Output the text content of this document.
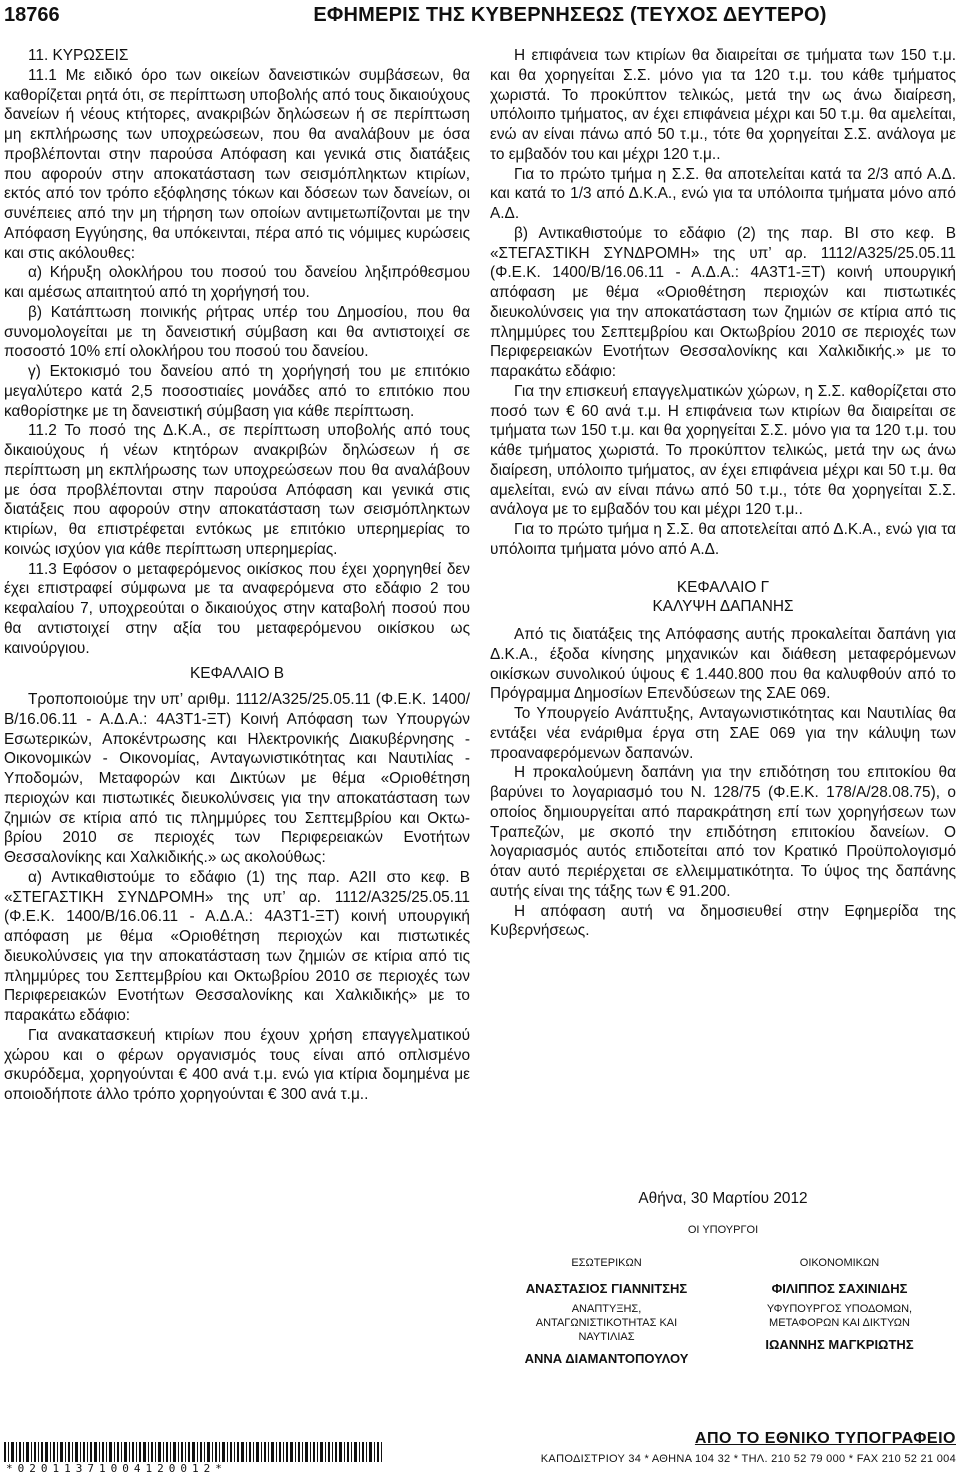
18766	ΕΦΗΜΕΡΙΣ ΤΗΣ ΚΥΒΕΡΝΗΣΕΩΣ (ΤΕΥΧΟΣ ΔΕΥΤΕΡΟ)

11. ΚΥΡΩΣΕΙΣ

11.1 Με ειδικό όρο των οικείων δανειστικών συμβάσεων, θα καθορίζεται ρητά ότι, σε περίπτωση υποβολής από τους δικαιούχους δανείων ή νέους κτήτορες, ανακριβών δηλώσεων ή σε περίπτωση μη εκπλήρωσης των υποχρεώσεων, που θα αναλάβουν με όσα προβλέπονται στην παρούσα Απόφαση και γενικά στις διατάξεις που αφορούν στην αποκατάσταση των σεισμόπληκτων κτιρίων, εκτός από τον τρόπο εξόφλησης τόκων και δόσεων των δανείων, οι συνέπειες από την μη τήρηση των οποίων αντιμετωπίζονται με την Απόφαση Εγγύησης, θα υπόκεινται, πέρα από τις νόμιμες κυρώσεις και στις ακόλουθες:

α) Κήρυξη ολοκλήρου του ποσού του δανείου ληξιπρόθεσμου και αμέσως απαιτητού από τη χορήγησή του.

β) Κατάπτωση ποινικής ρήτρας υπέρ του Δημοσίου, που θα συνομολογείται με τη δανειστική σύμβαση και θα αντιστοιχεί σε ποσοστό 10% επί ολοκλήρου του ποσού του δανείου.

γ) Εκτοκισμό του δανείου από τη χορήγησή του με επιτόκιο μεγαλύτερο κατά 2,5 ποσοστιαίες μονάδες από το επιτόκιο που καθορίστηκε με τη δανειστική σύμβαση για κάθε περίπτωση.

11.2 Το ποσό της Δ.Κ.Α., σε περίπτωση υποβολής από τους δικαιούχους ή νέων κτητόρων ανακριβών δηλώσεων ή σε περίπτωση μη εκπλήρωσης των υποχρεώσεων που θα αναλάβουν με όσα προβλέπονται στην παρούσα Απόφαση και γενικά στις διατάξεις που αφορούν στην αποκατάσταση των σεισμόπληκτων κτιρίων, θα επιστρέφεται εντόκως με επιτόκιο υπερημερίας το κοινώς ισχύον για κάθε περίπτωση υπερημερίας.

11.3 Εφόσον ο μεταφερόμενος οικίσκος που έχει χορηγηθεί δεν έχει επιστραφεί σύμφωνα με τα αναφερόμενα στο εδάφιο 2 του κεφαλαίου 7, υποχρεούται ο δικαιούχος στην καταβολή ποσού που θα αντιστοιχεί στην αξία του μεταφερόμενου οικίσκου ως καινούργιου.

ΚΕΦΑΛΑΙΟ Β

Τροποποιούμε την υπ’ αριθμ. 1112/Α325/25.05.11 (Φ.Ε.Κ. 1400/Β/16.06.11 - Α.Δ.Α.: 4Α3Τ1-ΞΤ) Κοινή Απόφαση των Υπουργών Εσωτερικών, Αποκέντρωσης και Ηλεκτρονικής Διακυβέρνησης - Οικονομικών - Οικονομίας, Ανταγωνιστικότητας και Ναυτιλίας - Υποδομών, Μεταφορών και Δικτύων με θέμα «Οριοθέτηση περιοχών και πιστωτικές διευκολύνσεις για την αποκατάσταση των ζημιών σε κτίρια από τις πλημμύρες του Σεπτεμβρίου και Οκτωβρίου 2010 σε περιοχές των Περιφερειακών Ενοτήτων Θεσσαλονίκης και Χαλκιδικής.» ως ακολούθως:

α) Αντικαθιστούμε το εδάφιο (1) της παρ. Α2ΙΙ στο κεφ. Β «ΣΤΕΓΑΣΤΙΚΗ ΣΥΝΔΡΟΜΗ» της υπ’ αρ. 1112/Α325/25.05.11 (Φ.Ε.Κ. 1400/Β/16.06.11 - Α.Δ.Α.: 4Α3Τ1-ΞΤ) κοινή υπουργική απόφαση με θέμα «Οριοθέτηση περιοχών και πιστωτικές διευκολύνσεις για την αποκατάσταση των ζημιών σε κτίρια από τις πλημμύρες του Σεπτεμβρίου και Οκτωβρίου 2010 σε περιοχές των Περιφερειακών Ενοτήτων Θεσσαλονίκης και Χαλκιδικής» με το παρακάτω εδάφιο:

Για ανακατασκευή κτιρίων που έχουν χρήση επαγγελματικού χώρου και ο φέρων οργανισμός τους είναι από οπλισμένο σκυρόδεμα, χορηγούνται € 400 ανά τ.μ. ενώ για κτίρια δομημένα με οποιοδήποτε άλλο τρόπο χορηγούνται € 300 ανά τ.μ..

Η επιφάνεια των κτιρίων θα διαιρείται σε τμήματα των 150 τ.μ. και θα χορηγείται Σ.Σ. μόνο για τα 120 τ.μ. του κάθε τμήματος χωριστά. Το προκύπτον τελικώς, μετά την ως άνω διαίρεση, υπόλοιπο τμήματος, αν έχει επιφάνεια μέχρι και 50 τ.μ. θα αμελείται, ενώ αν είναι πάνω από 50 τ.μ., τότε θα χορηγείται Σ.Σ. ανάλογα με το εμβαδόν του και μέχρι 120 τ.μ..

Για το πρώτο τμήμα η Σ.Σ. θα αποτελείται κατά τα 2/3 από Α.Δ. και κατά το 1/3 από Δ.Κ.Α., ενώ για τα υπόλοιπα τμήματα μόνο από Α.Δ.

β) Αντικαθιστούμε το εδάφιο (2) της παρ. ΒΙ στο κεφ. Β «ΣΤΕΓΑΣΤΙΚΗ ΣΥΝΔΡΟΜΗ» της υπ’ αρ. 1112/Α325/25.05.11 (Φ.Ε.Κ. 1400/Β/16.06.11 - Α.Δ.Α.: 4Α3Τ1-ΞΤ) κοινή υπουργική απόφαση με θέμα «Οριοθέτηση περιοχών και πιστωτικές διευκολύνσεις για την αποκατάσταση των ζημιών σε κτίρια από τις πλημμύρες του Σεπτεμβρίου και Οκτωβρίου 2010 σε περιοχές των Περιφερειακών Ενοτήτων Θεσσαλονίκης και Χαλκιδικής.» με το παρακάτω εδάφιο:

Για την επισκευή επαγγελματικών χώρων, η Σ.Σ. καθορίζεται στο ποσό των € 60 ανά τ.μ. Η επιφάνεια των κτιρίων θα διαιρείται σε τμήματα των 150 τ.μ. και θα χορηγείται Σ.Σ. μόνο για τα 120 τ.μ. του κάθε τμήματος χωριστά. Το προκύπτον τελικώς, μετά την ως άνω διαίρεση, υπόλοιπο τμήματος, αν έχει επιφάνεια μέχρι και 50 τ.μ. θα αμελείται, ενώ αν είναι πάνω από 50 τ.μ., τότε θα χορηγείται Σ.Σ. ανάλογα με το εμβαδόν του και μέχρι 120 τ.μ..

Για το πρώτο τμήμα η Σ.Σ. θα αποτελείται από Δ.Κ.Α., ενώ για τα υπόλοιπα τμήματα μόνο από Α.Δ.

ΚΕΦΑΛΑΙΟ Γ

ΚΑΛΥΨΗ ΔΑΠΑΝΗΣ

Από τις διατάξεις της Απόφασης αυτής προκαλείται δαπάνη για Δ.Κ.Α., έξοδα κίνησης μηχανικών και διάθεση μεταφερόμενων οικίσκων συνολικού ύψους € 1.440.800 που θα καλυφθούν από το Πρόγραμμα Δημοσίων Επενδύσεων της ΣΑΕ 069.

Το Υπουργείο Ανάπτυξης, Ανταγωνιστικότητας και Ναυτιλίας θα εντάξει νέα ενάριθμα έργα στη ΣΑΕ 069 για την κάλυψη των προαναφερόμενων δαπανών.

Η προκαλούμενη δαπάνη για την επιδότηση του επιτοκίου θα βαρύνει το λογαριασμό του Ν. 128/75 (Φ.Ε.Κ. 178/Α/28.08.75), ο οποίος δημιουργείται από παρακράτηση επί των χορηγήσεων των Τραπεζών, με σκοπό την επιδότηση επιτοκίου δανείων. Ο λογαριασμός αυτός επιδοτείται από τον Κρατικό Προϋπολογισμό όταν αυτό περιέρχεται σε ελλειμματικότητα. Το ύψος της δαπάνης αυτής είναι της τάξης των € 91.200.

Η απόφαση αυτή να δημοσιευθεί στην Εφημερίδα της Κυβερνήσεως.

Αθήνα, 30 Μαρτίου 2012
ΟΙ ΥΠΟΥΡΓΟΙ
ΕΣΩΤΕΡΙΚΩΝ
ΑΝΑΣΤΑΣΙΟΣ ΓΙΑΝΝΙΤΣΗΣ
ΟΙΚΟΝΟΜΙΚΩΝ
ΦΙΛΙΠΠΟΣ ΣΑΧΙΝΙΔΗΣ
ΑΝΑΠΤΥΞΗΣ, ΑΝΤΑΓΩΝΙΣΤΙΚΟΤΗΤΑΣ ΚΑΙ ΝΑΥΤΙΛΙΑΣ
ΑΝΝΑ ΔΙΑΜΑΝΤΟΠΟΥΛΟΥ
ΥΦΥΠΟΥΡΓΟΣ ΥΠΟΔΟΜΩΝ, ΜΕΤΑΦΟΡΩΝ ΚΑΙ ΔΙΚΤΥΩΝ
ΙΩΑΝΝΗΣ ΜΑΓΚΡΙΩΤΗΣ
ΑΠΟ ΤΟ ΕΘΝΙΚΟ ΤΥΠΟΓΡΑΦΕΙΟ
ΚΑΠΟΔΙΣΤΡΙΟΥ 34 * ΑΘΗΝΑ 104 32 * ΤΗΛ. 210 52 79 000 * FAX 210 52 21 004
*02011371004120012*
